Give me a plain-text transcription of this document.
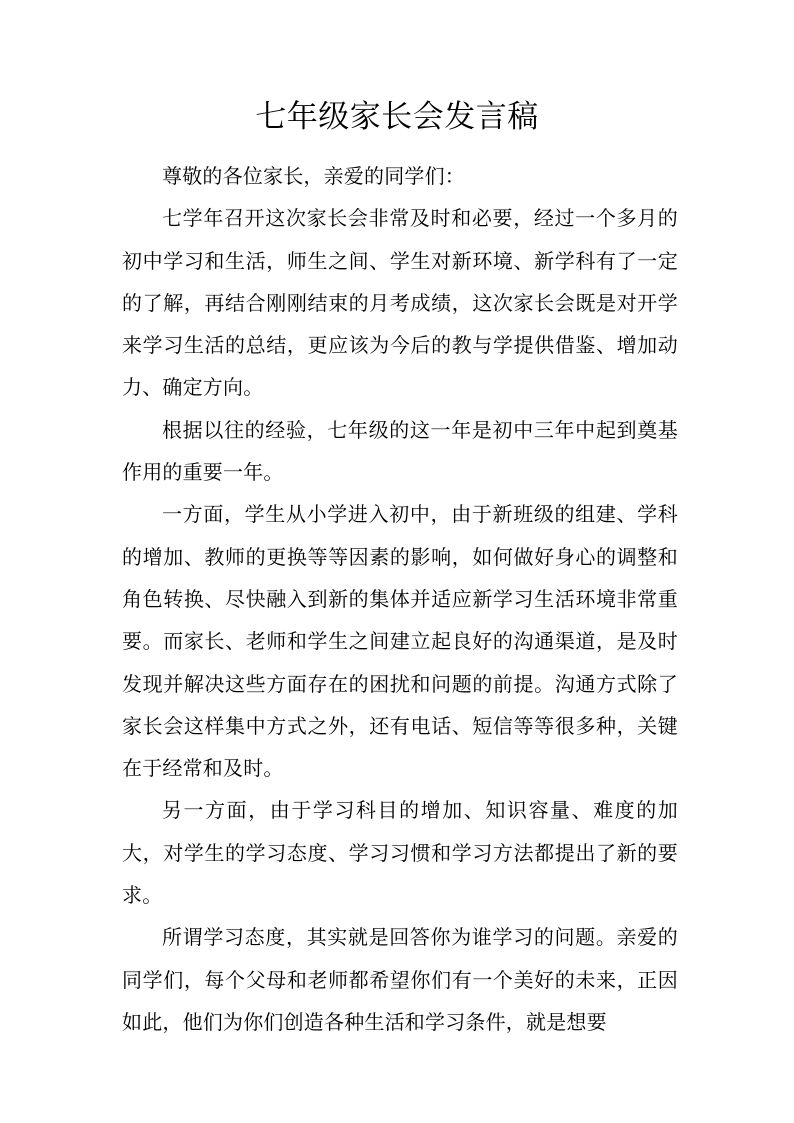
七年级家长会发言稿

尊敬的各位家长，亲爱的同学们：

七学年召开这次家长会非常及时和必要，经过一个多月的初中学习和生活，师生之间、学生对新环境、新学科有了一定的了解，再结合刚刚结束的月考成绩，这次家长会既是对开学来学习生活的总结，更应该为今后的教与学提供借鉴、增加动力、确定方向。

根据以往的经验，七年级的这一年是初中三年中起到奠基作用的重要一年。

一方面，学生从小学进入初中，由于新班级的组建、学科的增加、教师的更换等等因素的影响，如何做好身心的调整和角色转换、尽快融入到新的集体并适应新学习生活环境非常重要。而家长、老师和学生之间建立起良好的沟通渠道，是及时发现并解决这些方面存在的困扰和问题的前提。沟通方式除了家长会这样集中方式之外，还有电话、短信等等很多种，关键在于经常和及时。

另一方面，由于学习科目的增加、知识容量、难度的加大，对学生的学习态度、学习习惯和学习方法都提出了新的要求。

所谓学习态度，其实就是回答你为谁学习的问题。亲爱的同学们，每个父母和老师都希望你们有一个美好的未来，正因如此，他们为你们创造各种生活和学习条件，就是想要
